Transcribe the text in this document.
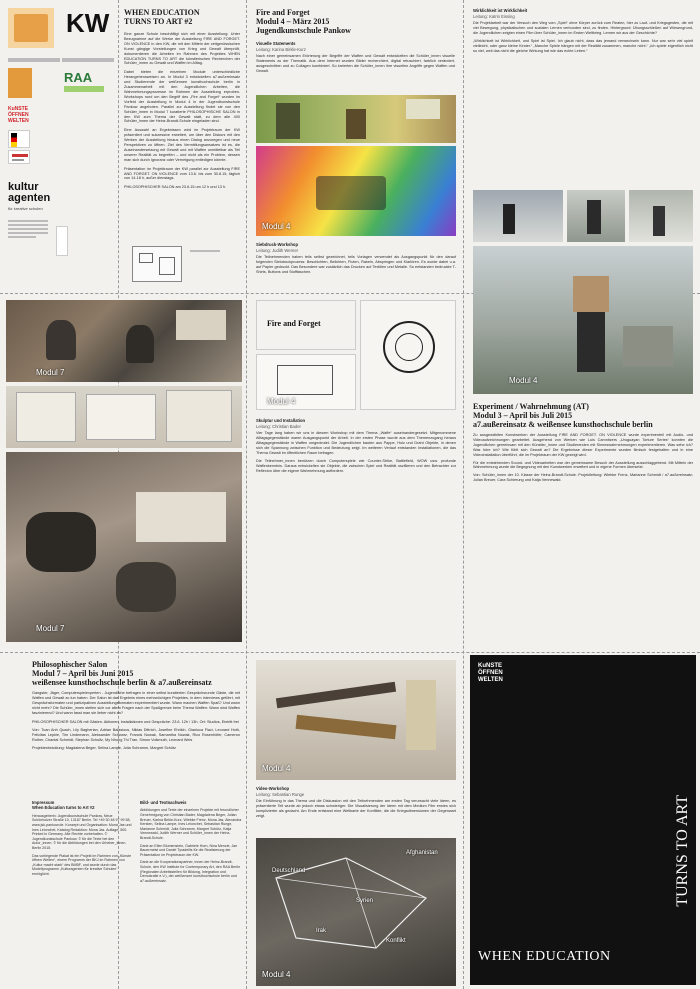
KW
RAA
KuNSTE ÖFFNEN WELTEN
kultur agenten
für kreative schulen
WHEN EDUCATION
TURNS TO ART #2

Eine ganze Schule beschäftigt sich mit einer Ausstellung: Unter Bezugnahme auf die Werke der Ausstellung FIRE AND FORGET. ON VIOLENCE in den KW, die mit den Mitteln der zeitgenössischen Kunst gängige Vorstellungen von Krieg und Gewalt überprüft, dokumentieren die Arbeiten im Rahmen des Projektes WHEN EDUCATION TURNS TO ART die künstlerischen Recherchen der Schüler_innen zu Gewalt und Waffen im Alltag.

Dabei bieten die einzelnen Module unterschiedliche Herangehensweisen an. In Modul 3 entwickelten a7.außereinsatz und Studierende der weißensee kunsthochschule berlin in Zusammenarbeit mit den Jugendlichen Arbeiten, die Wahrnehmungsprozesse im Rahmen der Ausstellung erproben. Workshops rund um den Begriff des „Fire and Forget“ wurden im Vorfeld der Ausstellung in Modul 4 in der Jugendkunstschule Pankow angeboten. Parallel zur Ausstellung findet sie von den Schüler_innen in Modul 7 kuratierte PHILOSOPHISCHE SALON in den KW zum Thema der Gewalt statt, zu dem alle 400 Schüler_innen der Heinz-Brandt-Schule eingeladen sind.

Eine Auswahl an Ergebnissen wird im Projektraum der KW präsentiert und sukzessive erweitert, um über den Diskurs mit den Werken der Ausstellung hinaus einen Dialog anzuregen und neue Perspektiven zu öffnen. Ziel des Vermittlungsansatzes ist es, die Auseinandersetzung mit Gewalt und mit Waffen unmittelbar als Teil unserer Realität zu begreifen – und nicht als ein Problem, dessen man sich durch Ignoranz oder Verneigung entledigen könnte.

Präsentation im Projektraum der KW parallel zur Ausstellung FIRE AND FORGET. ON VIOLENCE vom 13.6. bis zum 30.8.15, täglich von 14-18 h, außer dienstags.

PHILOSOPHISCHER SALON am 23.6.15 um 12 h und 13 h.

Modul 7
Modul 7
Philosophischer Salon
Modul 7 – April bis Juni 2015
weißensee kunsthochschule berlin & a7.außereinsatz

Gangster, Jäger, Computerspielexperten - Jugendliche befragen in einer selbst kuratierten Gesprächsrunde Gäste, die mit Waffen und Gewalt zu tun haben. Der Salon ist das Ergebnis eines mehrwöchigen Projektes, in dem Interviews geführt, mit Gesprächsformaten und partizipativen Ausstellungsformaten experimentiert wurde. Wann machen Waffen Spaß? Und wann nicht mehr? Die Schüler_innen stellen sich vor allem Fragen nach der Spaßgrenze beim Thema Waffen: Wann sind Waffen faszinierend? Und wann fasst man sie lieber nicht an?

PHILOSOPHISCHER SALON mit Gästen. Aktionen, Installationen und Gespräche: 23.6. 12h / 13h. Ort: Studios, Eintritt frei

Von: Tuan Anh Quach, Lily Bagherian, Adrian Balasious, Niklas Dittrich, Josefine Ehrlich, Gianluca Flaci, Leonard Hoth, Felicitas Lepkie, Tim Lindemann, Aleksander Schwarz, Francis Nowak, Samantha Nowak, Rico Rosenhöfer, Cameron Rother, Chantal Schmidt, Stephan Schultz, My Nhung Thi Tran, Simon Volkmuth, Leonard Weis

Projektentwicklung: Magdalena Beger, Selina Lampe, Julia Schramm, Margret Schütz

Impressum
When Education turns to Art #2

Herausgeberin: Jugendkunstschule Pankow, Neue Schönholzer Straße 10, 13187 Berlin. Tel +49 30 48 97 99 58, www.jsk-pankow.de. Konzept und Organisation: Mona Jas und Ines Lelonchet, Katalog Redaktion: Mona Jas. Auflage: 500. Printed in Germany. Alle Rechte vorbehalten. © Jugendkunstschule Pankow. © für die Texte bei den Autor_innen. © für die Abbildungen bei den Urheber_innen. Berlin 2015.

Das vorliegende Plakat ist ein Projekt im Rahmen von „Künste öffnen Welten“, einem Programm der BKJ im Rahmen von „Kultur macht stark“ des BMBF, und wurde durch das Modellprogramm „Kulturagenten für kreative Schulen“ ermöglicht.

Bild- und Textnachweis

Abbildungen und Texte der einzelnen Projekte mit freundlicher Genehmigung von Christian Bader, Magdalena Beger, Julian Breuer, Karina Birkle-Kurz, Wiebke Frenz, Mona Jas, Alexandra Kersten, Selina Lampe, Ines Lelonchet, Sebastian Runge, Marianne Schmidt, Julia Schramm, Margret Schütz, Katja Vennewald, Judith Werner und Schüler_innen der Heinz-Brandt-Schule.

Dank an Ellen Blumenstein, Gabriele Horn, Nina Menzie, Jan Bauermeist und Daniel Tyradellis für die Realisierung der Präsentation im Projektraum der KW.

Dank an die Kooperationspartner, innen der Heinz-Brandt-Schule, den KW Institute for Contemporary Art, den RAA Berlin (Regionalen Arbeitsstellen für Bildung, Integration und Demokratie e.V.), der weißensee kunsthochschule berlin und a7.außereinsatz.

Fire and Forget
Modul 4 – März 2015
Jugendkunstschule Pankow
Visuelle Statements
Leitung: Karina Birkle-Kurz

Nach einer gemeinsamen Erörterung der Begriffe der Waffen und Gewalt entwickelten die Schüler_innen visuelle Statements zu der Thematik. Aus dem Internet wurden Bilder recherchiert, digital retuschiert, farblich verändert, ausgeschnitten und zu Collagen kombiniert. So kreierten die Schüler_innen ihre visuellen Angriffe gegen Waffen und Gewalt.

Modul 4
Siebdruck-Workshop
Leitung: Judith Werner

Die Teilnehmenden haben teils selbst gezeichnet, teils Vorlagen verwendet als Ausgangspunkt für den darauf folgenden Siebdruckprozess: Beschichten, Belichten, Fluten, Rakeln, Abspringen und Klarlören. Es wurde dabei u.a. auf Papier gedruckt. Das Besondere war zusätzlich das Drucken auf Textilien und Metalle. So entstanden bedruckte T-Shirts, Buttons und Stofftaschen.

Fire and Forget
Modul 4
Skulptur und Installation
Leitung: Christian Bader

Vier Tage lang haben wir uns in diesem Workshop mit dem Thema „Waffe“ auseinandergesetzt. Mitgenommene Alltagsgegenstände waren Ausgangspunkt der Arbeit. In der ersten Phase wurde aus dem Themenzugang heraus Alltagsgegenstände in Waffen umgedeutet. Die Jugendlichen bauten aus Pappe, Holz und Draht Objekte, in denen sich die Spannung zwischen Funktion und Bedeutung zeigt. Im weiteren Verlauf entstanden Installationen, die das Thema Gewalt im öffentlichen Raum befragen.

Die Teilnehmer_innen benützen durch Computerspiele wie Counter-Strike, Battlefield, WOW usw. profunde Waffenkenntnis. Daraus entwickelten sie Objekte, die zwischen Spiel und Realität oszillieren und den Betrachter zur Reflexion über die eigene Wahrnehmung auffordern.

Modul 4
Video-Workshop
Leitung: Sebastian Runge

Die Einführung in das Thema und die Diskussion mit den Teilnehmenden am ersten Tag verursacht viele Ideen, es präsentierte Teil wurde ab jedoch etwas schwieriger. Die Visualisierung der Ideen mit dem Medium Film erwies sich komplizierter als gedacht. Am Ende entstand eine Weltkarte der Konflikte, die die Kriegsdimensionen der Gegenwart zeigt.

Deutschland
Afghanistan
Syrien
Irak
Konflikt
Modul 4
Wirklichkeit ist Wirklichkeit
Leitung: Katrin Eissing

Die Projektarbeit war der Versuch den Weg vom „Spiel“ ohne Körper zurück zum Realen, hier zu Lauf- und Kriegsgesten, die mit viel Bewegung, physikalischen und sozialen Lernen verbunden sind, zu finden. Hintergrund: Übungsschießen auf Wiesengrund, die Jugendlichen zeigten einen Film über Schüler_innen im Ersten Weltkrieg. Lernen wir aus der Geschichte?

„Wirklichkeit ist Wirklichkeit, und Spiel ist Spiel. Ich glaub nicht, dass das jemand verwechseln kann. Nur war sehr viel spielt vielleicht, oder ganz kleine Kinder.“ „Manche Spiele hängen mit der Realität zusammen, manche nicht.“ „Ich spiele eigentlich nicht so viel, weil das nicht die gleiche Wirkung hat wie das echte Leben.“

Modul 4
Experiment / Wahrnehmung (AT)
Modul 3 – April bis Juli 2015
a7.außereinsatz & weißensee kunsthochschule berlin

Zu ausgewählten Kunstwerken der Ausstellung FIRE AND FORGET. ON VIOLENCE wurde experimentell mit Audio- und Videoaufzeichnungen gearbeitet. Ausgehend von Werken wie Luis Camnitzers „Uruguayan Torture Series“ konnten die Jugendlichen gemeinsam mit den Künstler_innen und Studierenden mit Sinneswahrnehmungen experimentieren. Was sehe ich? Was höre ich? Wie fühlt sich Gewalt an? Die Ergebnisse dieser Experimente wurden filmisch festgehalten und in eine Videoinstallation überführt, die im Projektraum der KW gezeigt wird.

Für die entstehenden Sound- und Videoarbeiten war der gemeinsame Besuch der Ausstellung ausschlaggebend. Mit Mitteln der Wahrnehmung wurde die Begegnung mit den Kunstwerken erweitert und in eigene Formen übersetzt.

Von: Schüler_innen der 10. Klasse der Heinz-Brandt-Schule. Projektleitung: Wiebke Frenz, Marianne Schmidt / a7.außereinsatz; Julian Breuer, Cara Schierung und Katja Vennewald.

KuNSTE ÖFFNEN WELTEN
TURNS TO ART
WHEN EDUCATION
